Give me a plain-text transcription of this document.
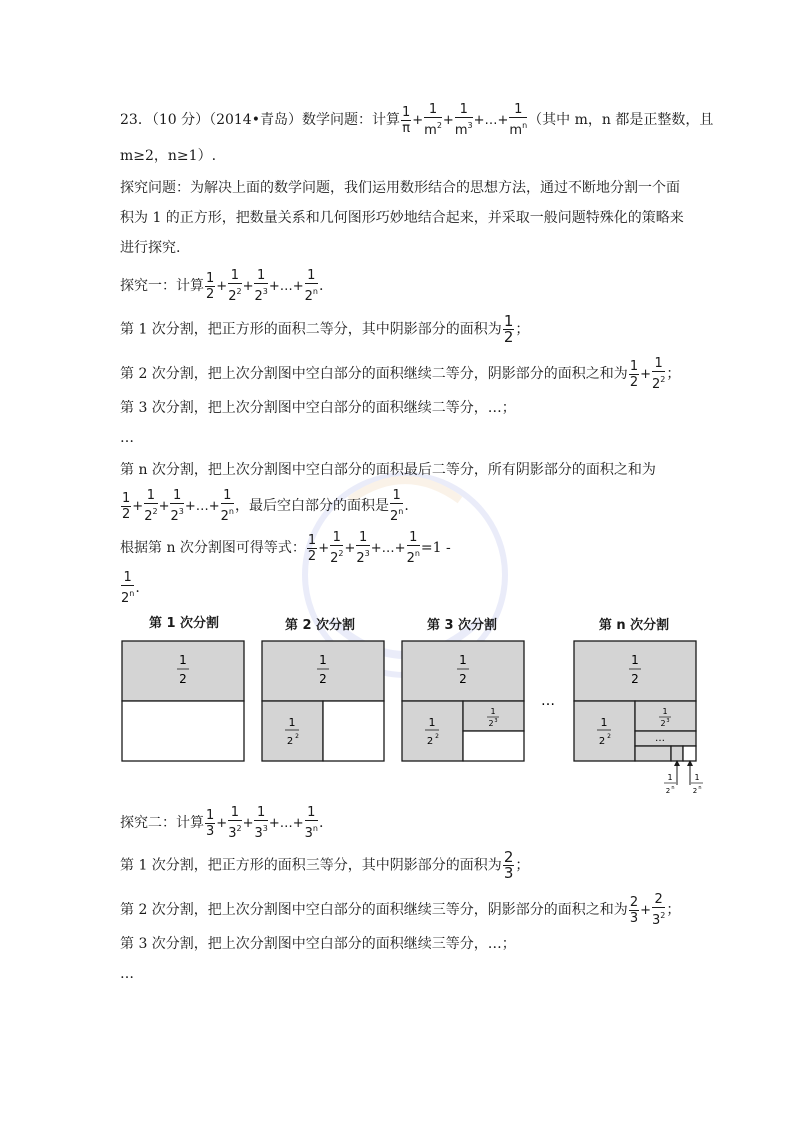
23．（10 分）（2014•青岛）数学问题：计算 $\frac{1}{\pi} + \frac{1}{m^2} + \frac{1}{m^3}$ +…+ $\frac{1}{m^n}$ （其中 m，n 都是正整数，且
m≥2，n≥1）.
探究问题：为解决上面的数学问题，我们运用数形结合的思想方法，通过不断地分割一个面
积为 1 的正方形，把数量关系和几何图形巧妙地结合起来，并采取一般问题特殊化的策略来
进行探究.
探究一：计算 $\frac{1}{2} + \frac{1}{2^2} + \frac{1}{2^3}$ +…+ $\frac{1}{2^n}$ .
第 1 次分割，把正方形的面积二等分，其中阴影部分的面积为 $\frac{1}{2}$ ；
第 2 次分割，把上次分割图中空白部分的面积继续二等分，阴影部分的面积之和为 $\frac{1}{2} + \frac{1}{2^2}$ ；
第 3 次分割，把上次分割图中空白部分的面积继续二等分，…；
…
第 n 次分割，把上次分割图中空白部分的面积最后二等分，所有阴影部分的面积之和为
$\frac{1}{2} + \frac{1}{2^2} + \frac{1}{2^3}$ +…+ $\frac{1}{2^n}$ ，最后空白部分的面积是 $\frac{1}{2^n}$ .
根据第 n 次分割图可得等式： $\frac{1}{2} + \frac{1}{2^2} + \frac{1}{2^3}$ +…+ $\frac{1}{2^n} =1$ -
$\frac{1}{2^n}$ .
第 1 次分割	第 2 次分割	第 3 次分割	第 n 次分割
1
2
1
2
1
2 2
1
2
1
2 2
1
2 3
…
1
2
1
2 2
1
2 3
…
1
2 n
1
2 n
探究二：计算 $\frac{1}{3} + \frac{1}{3^2} + \frac{1}{3^3}$ +…+ $\frac{1}{3^n}$ .
第 1 次分割，把正方形的面积三等分，其中阴影部分的面积为 $\frac{2}{3}$ ；
第 2 次分割，把上次分割图中空白部分的面积继续三等分，阴影部分的面积之和为 $\frac{2}{3} + \frac{2}{3^2}$ ；
第 3 次分割，把上次分割图中空白部分的面积继续三等分，…；
…
